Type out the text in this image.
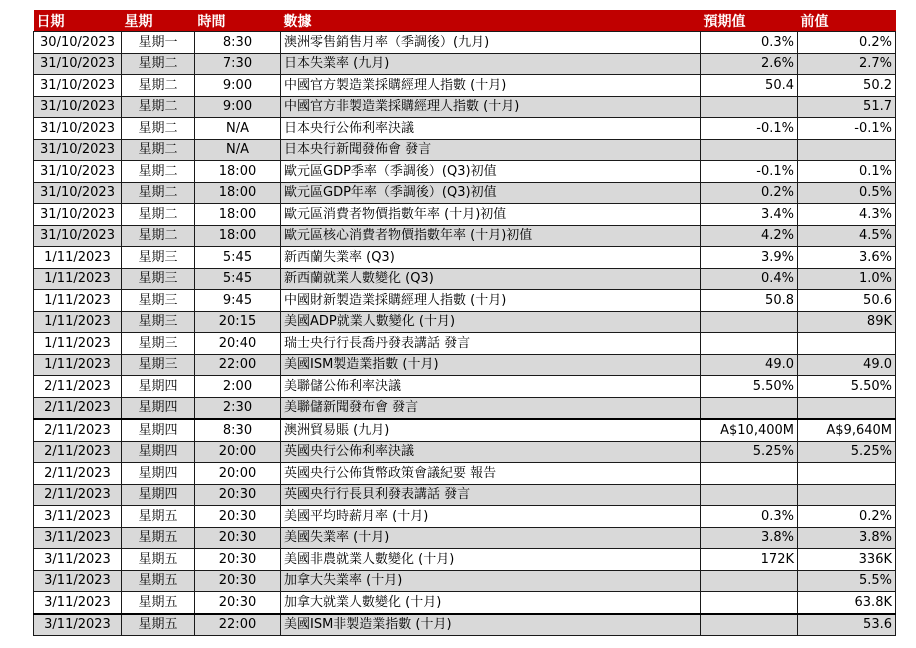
日期	星期	時間	數據	預期值	前值
30/10/2023	星期一	8:30	澳洲零售銷售月率（季調後）(九月)	0.3%	0.2%
31/10/2023	星期二	7:30	日本失業率 (九月)	2.6%	2.7%
31/10/2023	星期二	9:00	中國官方製造業採購經理人指數 (十月)	50.4	50.2
31/10/2023	星期二	9:00	中國官方非製造業採購經理人指數 (十月)		51.7
31/10/2023	星期二	N/A	日本央行公佈利率決議	-0.1%	-0.1%
31/10/2023	星期二	N/A	日本央行新聞發佈會 發言		
31/10/2023	星期二	18:00	歐元區GDP季率（季調後）(Q3)初值	-0.1%	0.1%
31/10/2023	星期二	18:00	歐元區GDP年率（季調後）(Q3)初值	0.2%	0.5%
31/10/2023	星期二	18:00	歐元區消費者物價指數年率 (十月)初值	3.4%	4.3%
31/10/2023	星期二	18:00	歐元區核心消費者物價指數年率 (十月)初值	4.2%	4.5%
1/11/2023	星期三	5:45	新西蘭失業率 (Q3)	3.9%	3.6%
1/11/2023	星期三	5:45	新西蘭就業人數變化 (Q3)	0.4%	1.0%
1/11/2023	星期三	9:45	中國財新製造業採購經理人指數 (十月)	50.8	50.6
1/11/2023	星期三	20:15	美國ADP就業人數變化 (十月)		89K
1/11/2023	星期三	20:40	瑞士央行行長喬丹發表講話 發言		
1/11/2023	星期三	22:00	美國ISM製造業指數 (十月)	49.0	49.0
2/11/2023	星期四	2:00	美聯儲公佈利率決議	5.50%	5.50%
2/11/2023	星期四	2:30	美聯儲新聞發布會 發言		
2/11/2023	星期四	8:30	澳洲貿易賬 (九月)	A$10,400M	A$9,640M
2/11/2023	星期四	20:00	英國央行公佈利率決議	5.25%	5.25%
2/11/2023	星期四	20:00	英國央行公佈貨幣政策會議紀要 報告		
2/11/2023	星期四	20:30	英國央行行長貝利發表講話 發言		
3/11/2023	星期五	20:30	美國平均時薪月率 (十月)	0.3%	0.2%
3/11/2023	星期五	20:30	美國失業率 (十月)	3.8%	3.8%
3/11/2023	星期五	20:30	美國非農就業人數變化 (十月)	172K	336K
3/11/2023	星期五	20:30	加拿大失業率 (十月)		5.5%
3/11/2023	星期五	20:30	加拿大就業人數變化 (十月)		63.8K
3/11/2023	星期五	22:00	美國ISM非製造業指數 (十月)		53.6
